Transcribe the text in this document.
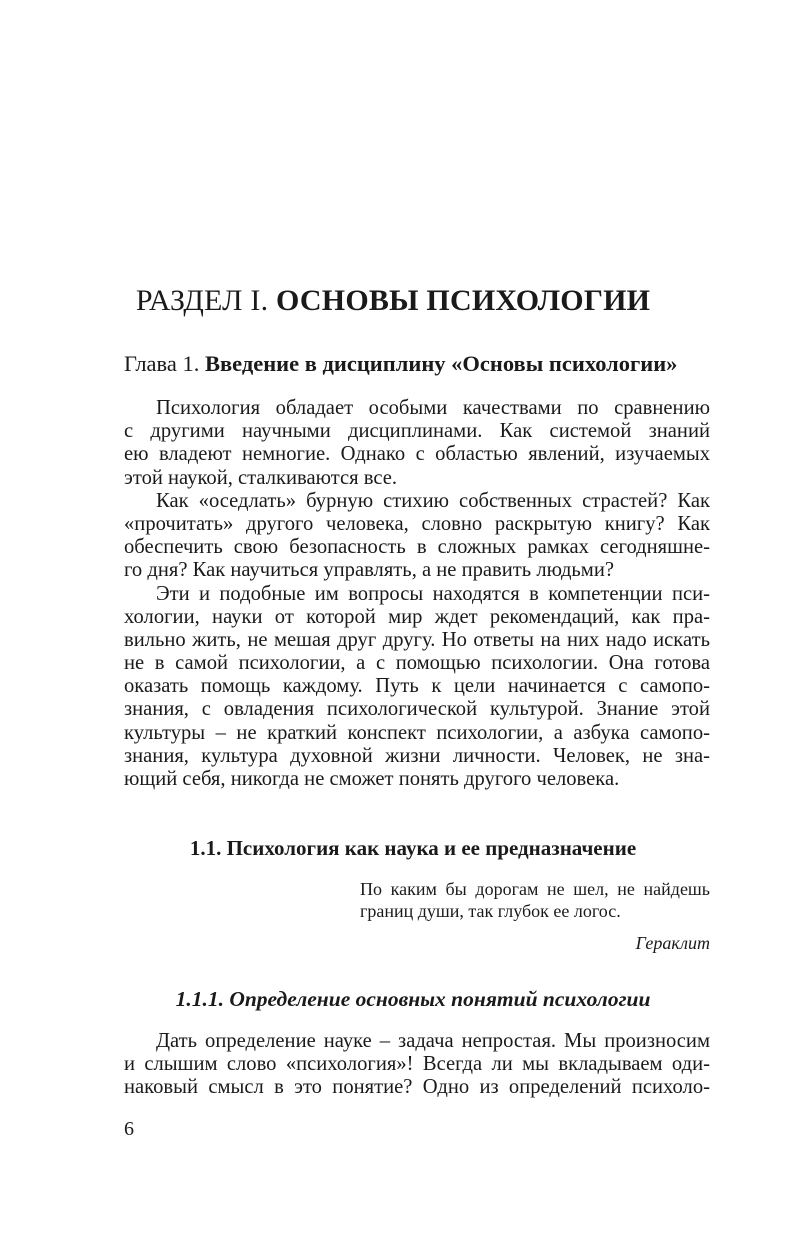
РАЗДЕЛ I. ОСНОВЫ ПСИХОЛОГИИ
Глава 1. Введение в дисциплину «Основы психологии»
Психология обладает особыми качествами по сравнению
с другими научными дисциплинами. Как системой знаний
ею владеют немногие. Однако с областью явлений, изучаемых
этой наукой, сталкиваются все.
Как «оседлать» бурную стихию собственных страстей? Как
«прочитать» другого человека, словно раскрытую книгу? Как
обеспечить свою безопасность в сложных рамках сегодняшне-
го дня? Как научиться управлять, а не править людьми?
Эти и подобные им вопросы находятся в компетенции пси-
хологии, науки от которой мир ждет рекомендаций, как пра-
вильно жить, не мешая друг другу. Но ответы на них надо искать
не в самой психологии, а с помощью психологии. Она готова
оказать помощь каждому. Путь к цели начинается с самопо-
знания, с овладения психологической культурой. Знание этой
культуры – не краткий конспект психологии, а азбука самопо-
знания, культура духовной жизни личности. Человек, не зна-
ющий себя, никогда не сможет понять другого человека.
1.1. Психология как наука и ее предназначение
По каким бы дорогам не шел, не найдешь
границ души, так глубок ее логос.
Гераклит
1.1.1. Определение основных понятий психологии
Дать определение науке – задача непростая. Мы произносим
и слышим слово «психология»! Всегда ли мы вкладываем оди-
наковый смысл в это понятие? Одно из определений психоло-
6
